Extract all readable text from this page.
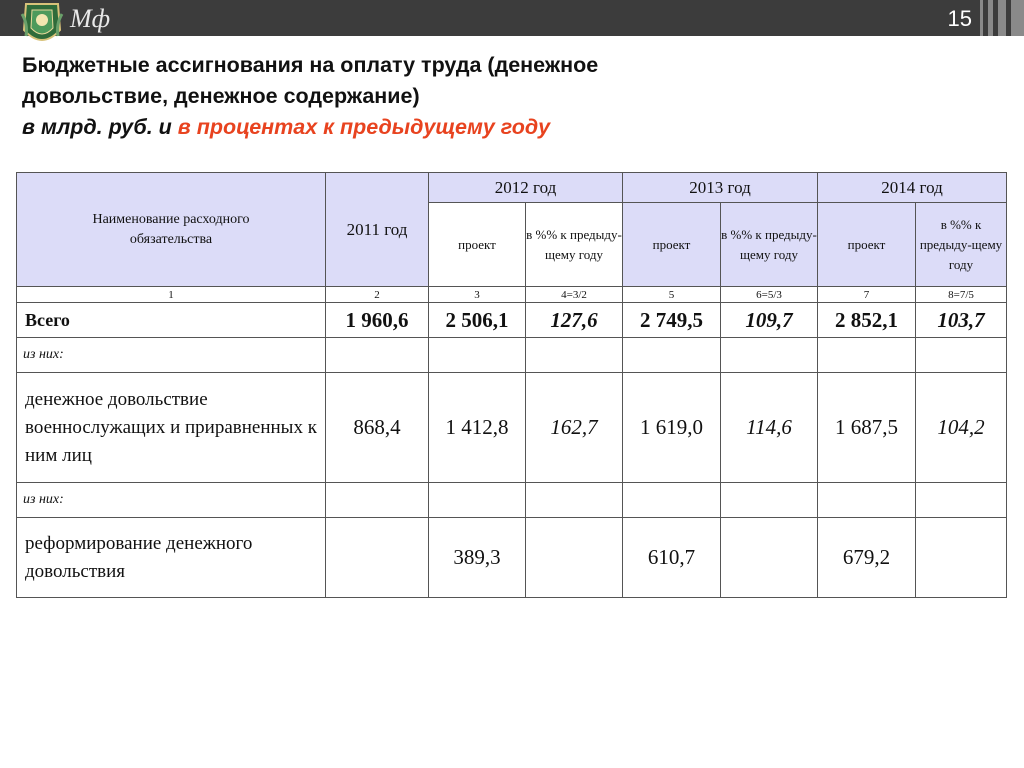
Мф	15
Бюджетные ассигнования на оплату труда (денежное
довольствие, денежное содержание)
в млрд. руб. и в процентах к предыдущему году
Наименование расходного обязательства	2011 год	2012 год		2013 год		2014 год	
		проект	в %% к предыду-щему году	проект	в %% к предыду-щему году	проект	в %% к предыду-щему году
1	2	3	4=3/2	5	6=5/3	7	8=7/5
Всего	1 960,6	2 506,1	127,6	2 749,5	109,7	2 852,1	103,7
из них:							
денежное довольствие военнослужащих и приравненных к ним лиц	868,4	1 412,8	162,7	1 619,0	114,6	1 687,5	104,2
из них:							
реформирование денежного довольствия		389,3		610,7		679,2	
